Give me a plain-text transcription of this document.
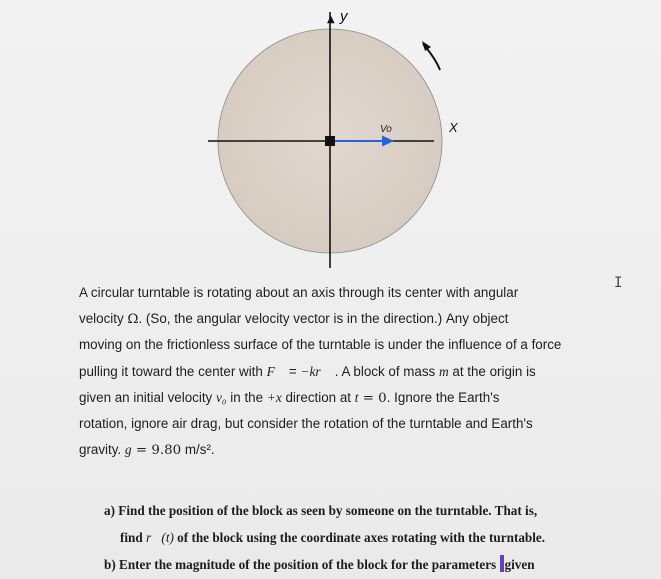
y
▲
X
Vo
I
A circular turntable is rotating about an axis through its center with angular
velocity Ω. (So, the angular velocity vector is in the direction.) Any object
moving on the frictionless surface of the turntable is under the influence of a force
pulling it toward the center with F⃗ = −kr⃗ . A block of mass m at the origin is
given an initial velocity v₀ in the +x direction at t = 0. Ignore the Earth's
rotation, ignore air drag, but consider the rotation of the turntable and Earth's
gravity. g = 9.80 m/s².
a) Find the position of the block as seen by someone on the turntable. That is,
find r⃗(t) of the block using the coordinate axes rotating with the turntable.
b) Enter the magnitude of the position of the block for the parameters given
